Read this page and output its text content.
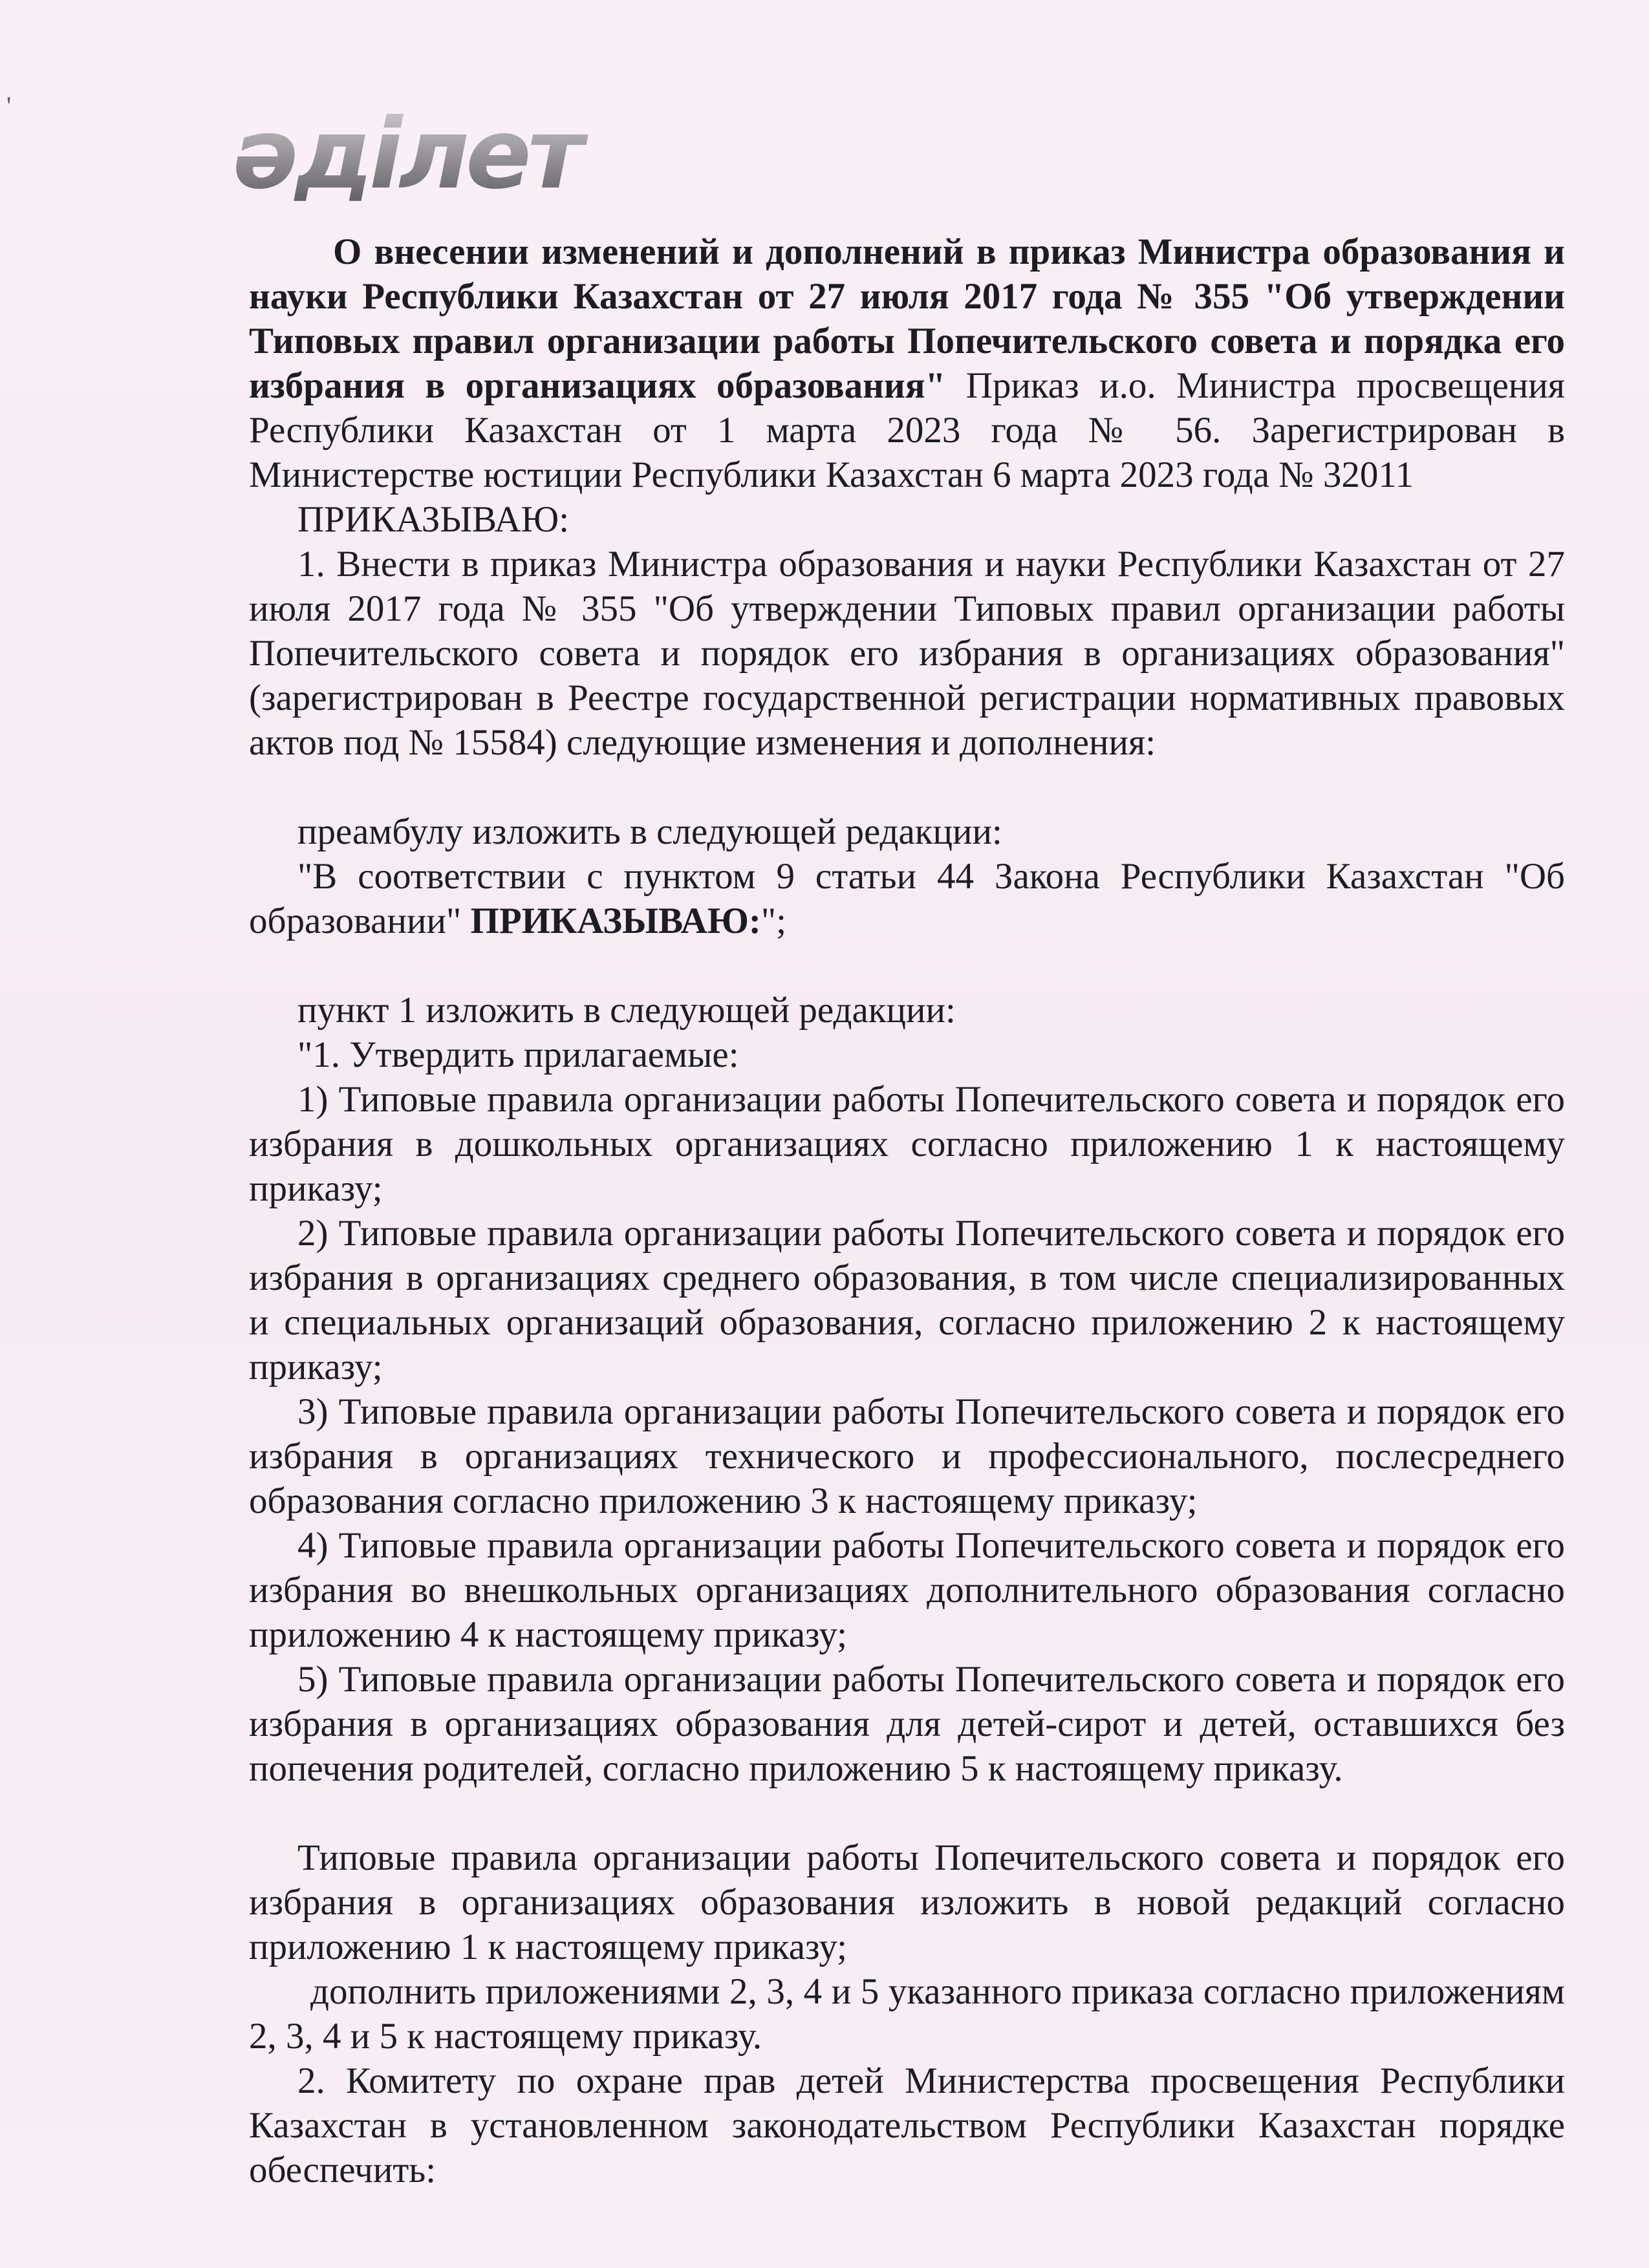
әділет

О внесении изменений и дополнений в приказ Министра образования и науки Республики Казахстан от 27 июля 2017 года № 355 "Об утверждении Типовых правил организации работы Попечительского совета и порядка его избрания в организациях образования" Приказ и.о. Министра просвещения Республики Казахстан от 1 марта 2023 года № 56. Зарегистрирован в Министерстве юстиции Республики Казахстан 6 марта 2023 года № 32011

ПРИКАЗЫВАЮ:

1. Внести в приказ Министра образования и науки Республики Казахстан от 27 июля 2017 года № 355 "Об утверждении Типовых правил организации работы Попечительского совета и порядок его избрания в организациях образования" (зарегистрирован в Реестре государственной регистрации нормативных правовых актов под № 15584) следующие изменения и дополнения:

преамбулу изложить в следующей редакции:

"В соответствии с пунктом 9 статьи 44 Закона Республики Казахстан "Об образовании" ПРИКАЗЫВАЮ:";

пункт 1 изложить в следующей редакции:

"1. Утвердить прилагаемые:

1) Типовые правила организации работы Попечительского совета и порядок его избрания в дошкольных организациях согласно приложению 1 к настоящему приказу;

2) Типовые правила организации работы Попечительского совета и порядок его избрания в организациях среднего образования, в том числе специализированных и специальных организаций образования, согласно приложению 2 к настоящему приказу;

3) Типовые правила организации работы Попечительского совета и порядок его избрания в организациях технического и профессионального, послесреднего образования согласно приложению 3 к настоящему приказу;

4) Типовые правила организации работы Попечительского совета и порядок его избрания во внешкольных организациях дополнительного образования согласно приложению 4 к настоящему приказу;

5) Типовые правила организации работы Попечительского совета и порядок его избрания в организациях образования для детей-сирот и детей, оставшихся без попечения родителей, согласно приложению 5 к настоящему приказу.

Типовые правила организации работы Попечительского совета и порядок его избрания в организациях образования изложить в новой редакций согласно приложению 1 к настоящему приказу;

дополнить приложениями 2, 3, 4 и 5 указанного приказа согласно приложениям 2, 3, 4 и 5 к настоящему приказу.

2. Комитету по охране прав детей Министерства просвещения Республики Казахстан в установленном законодательством Республики Казахстан порядке обеспечить:

'
